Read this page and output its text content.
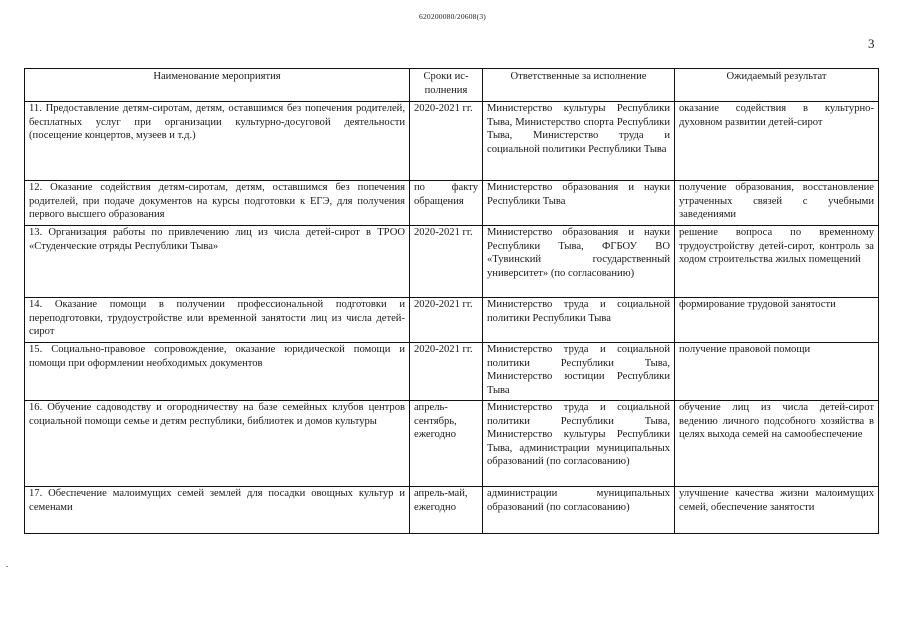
620200080/20608(3)
3
Наименование мероприятия	Сроки ис-полнения	Ответственные за исполнение	Ожидаемый результат
11. Предоставление детям-сиротам, детям, оставшимся без попечения родителей, бесплатных услуг при организации культурно-досуговой деятельности (посещение концертов, музеев и т.д.)	2020-2021 гг.	Министерство культуры Республики Тыва, Министерство спорта Республики Тыва, Министерство труда и социальной политики Республики Тыва	оказание содействия в культурно-духовном развитии детей-сирот
12. Оказание содействия детям-сиротам, детям, оставшимся без попечения родителей, при подаче документов на курсы подготовки к ЕГЭ, для получения первого высшего образования	по факту обращения	Министерство образования и науки Республики Тыва	получение образования, восстановление утраченных связей с учебными заведениями
13. Организация работы по привлечению лиц из числа детей-сирот в ТРОО «Студенческие отряды Республики Тыва»	2020-2021 гг.	Министерство образования и науки Республики Тыва, ФГБОУ ВО «Тувинский государственный университет» (по согласованию)	решение вопроса по временному трудоустройству детей-сирот, контроль за ходом строительства жилых помещений
14. Оказание помощи в получении профессиональной подготовки и переподготовки, трудоустройстве или временной занятости лиц из числа детей-сирот	2020-2021 гг.	Министерство труда и социальной политики Республики Тыва	формирование трудовой занятости
15. Социально-правовое сопровождение, оказание юридической помощи и помощи при оформлении необходимых документов	2020-2021 гг.	Министерство труда и социальной политики Республики Тыва, Министерство юстиции Республики Тыва	получение правовой помощи
16. Обучение садоводству и огородничеству на базе семейных клубов центров социальной помощи семье и детям республики, библиотек и домов культуры	апрель-сентябрь, ежегодно	Министерство труда и социальной политики Республики Тыва, Министерство культуры Республики Тыва, администрации муниципальных образований (по согласованию)	обучение лиц из числа детей-сирот ведению личного подсобного хозяйства в целях выхода семей на самообеспечение
17. Обеспечение малоимущих семей землей для посадки овощных культур и семенами	апрель-май, ежегодно	администрации муниципальных образований (по согласованию)	улучшение качества жизни малоимущих семей, обеспечение занятости
